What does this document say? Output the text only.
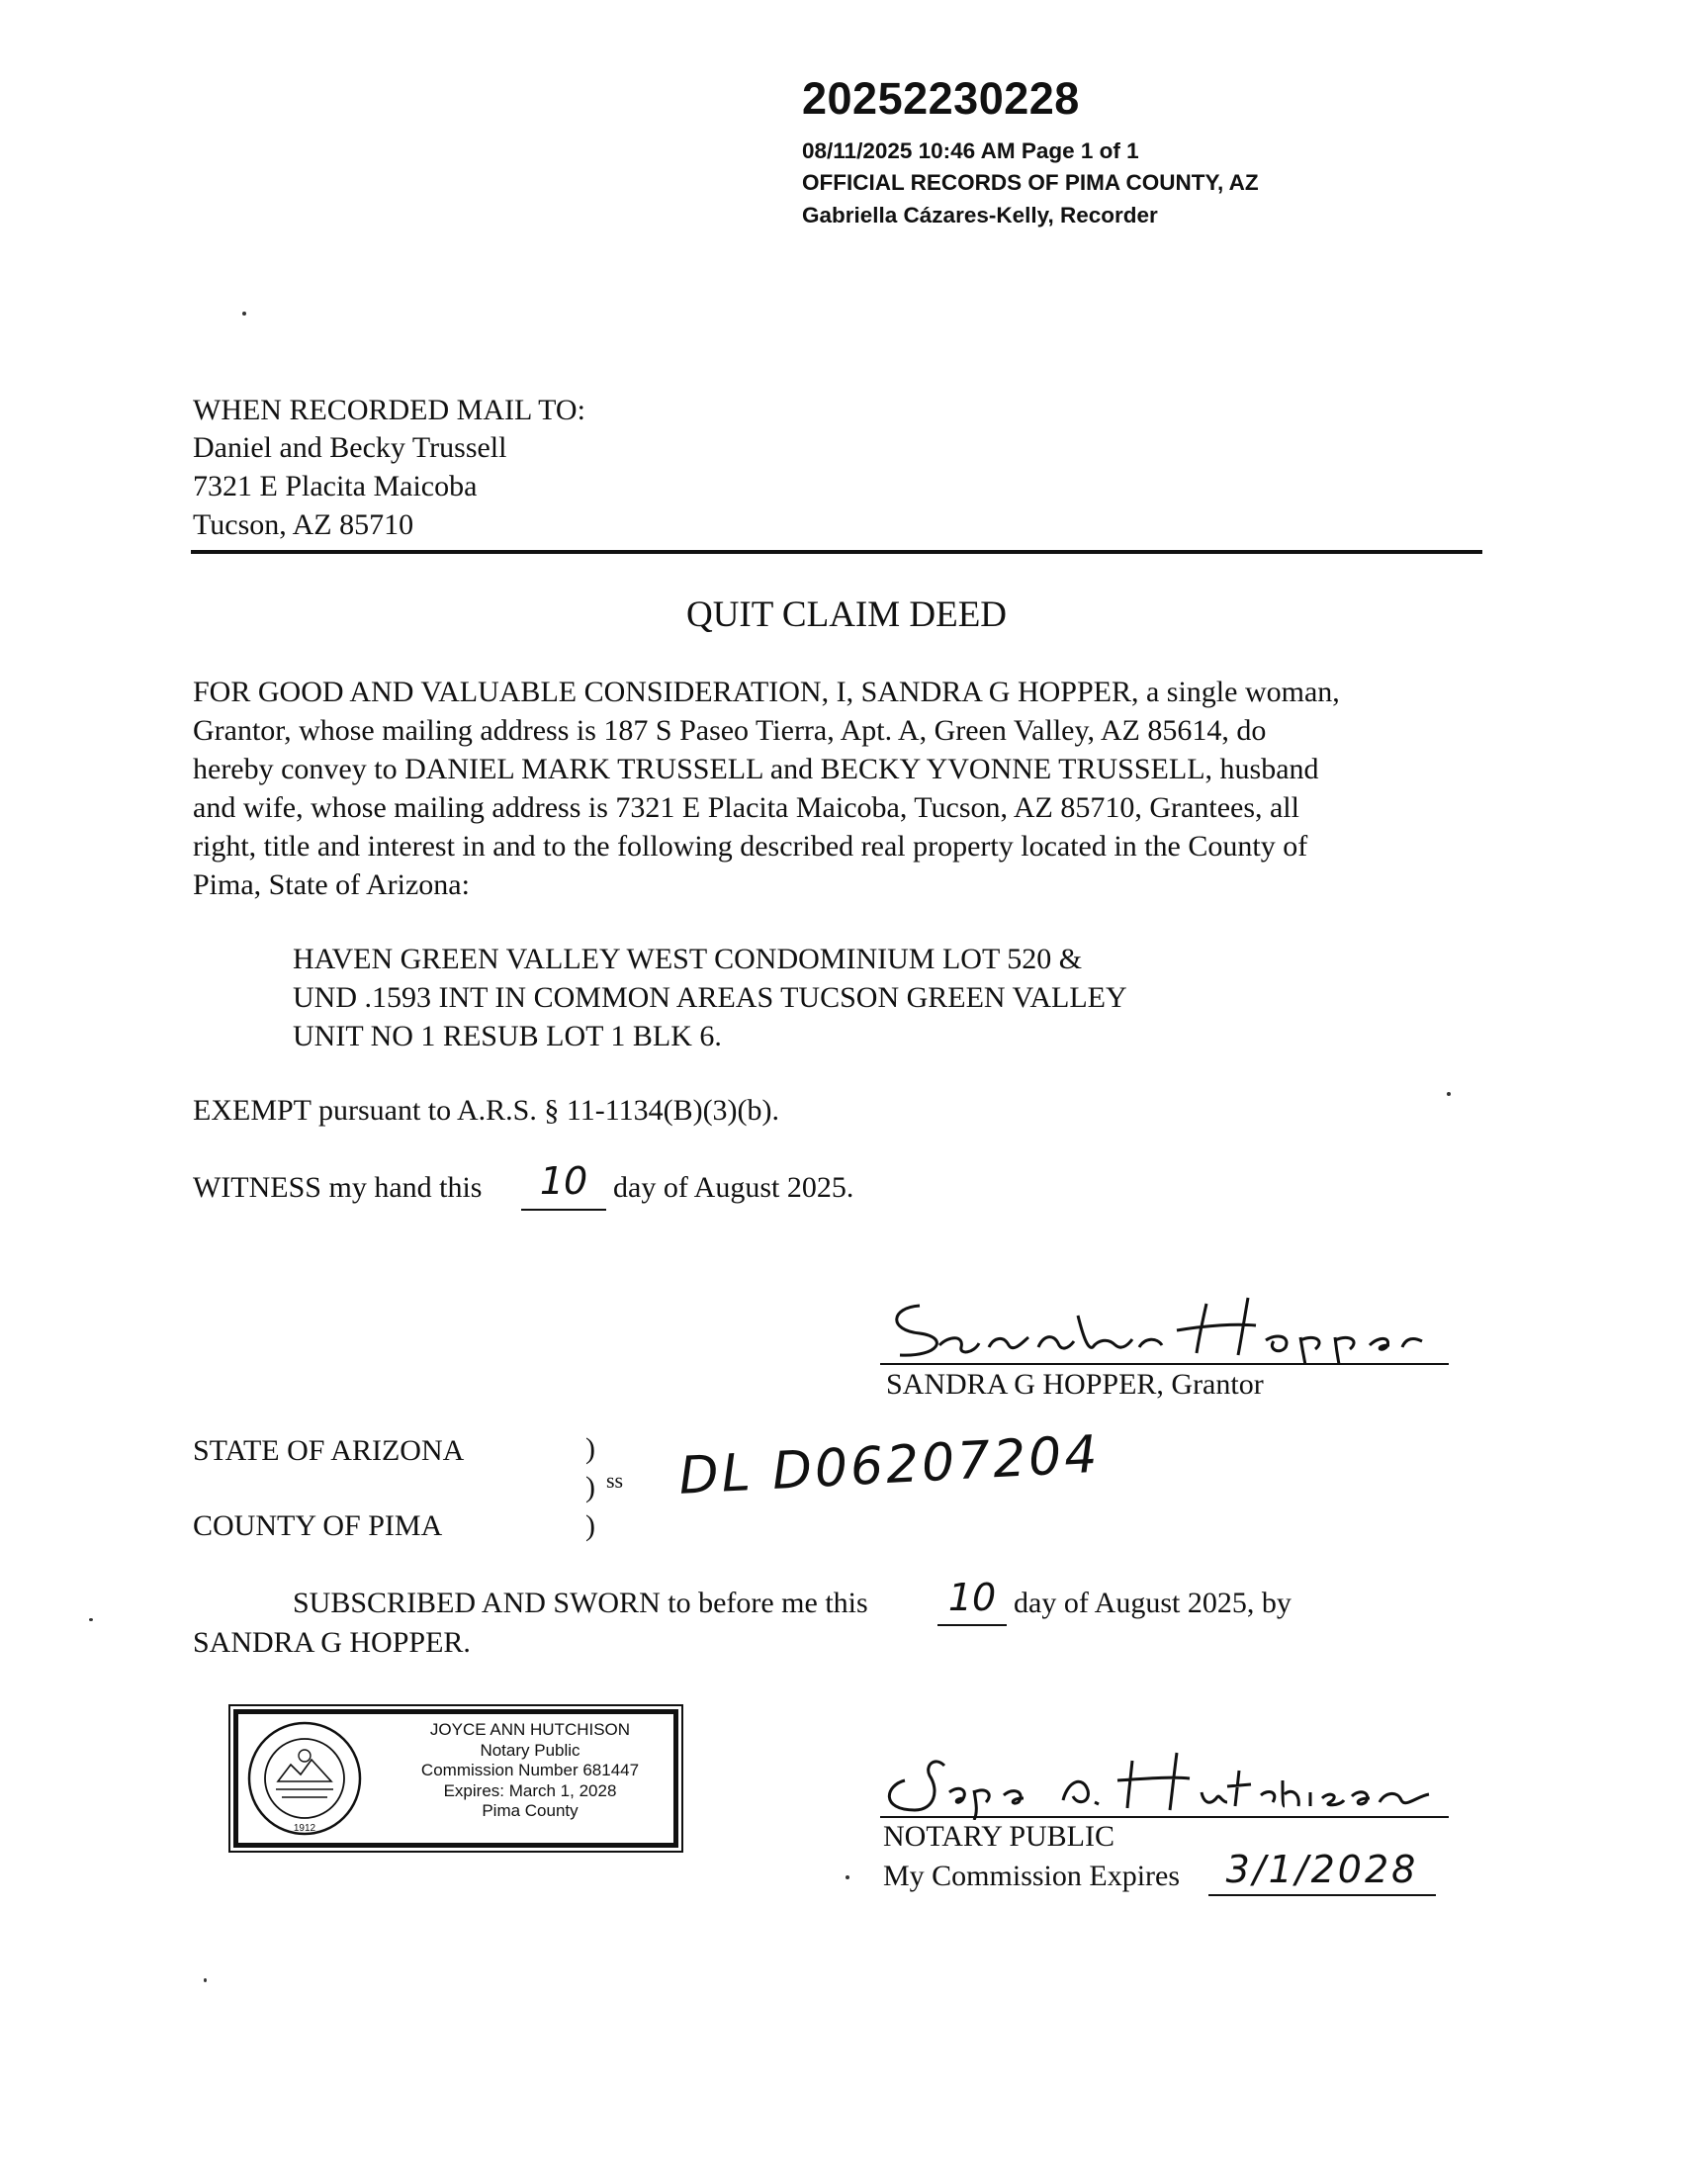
20252230228
08/11/2025 10:46 AM Page 1 of 1
OFFICIAL RECORDS OF PIMA COUNTY, AZ
Gabriella Cázares-Kelly, Recorder
WHEN RECORDED MAIL TO:
Daniel and Becky Trussell
7321 E Placita Maicoba
Tucson, AZ 85710
QUIT CLAIM DEED
FOR GOOD AND VALUABLE CONSIDERATION, I, SANDRA G HOPPER, a single woman,
Grantor, whose mailing address is 187 S Paseo Tierra, Apt. A, Green Valley, AZ 85614, do
hereby convey to DANIEL MARK TRUSSELL and BECKY YVONNE TRUSSELL, husband
and wife, whose mailing address is 7321 E Placita Maicoba, Tucson, AZ 85710, Grantees, all
right, title and interest in and to the following described real property located in the County of
Pima, State of Arizona:
HAVEN GREEN VALLEY WEST CONDOMINIUM LOT 520 &
UND .1593 INT IN COMMON AREAS TUCSON GREEN VALLEY
UNIT NO 1 RESUB LOT 1 BLK 6.
EXEMPT pursuant to A.R.S. § 11-1134(B)(3)(b).
WITNESS my hand this	10 day of August 2025.
SANDRA G HOPPER, Grantor
STATE OF ARIZONA
COUNTY OF PIMA
)
)
)
ss DL D06207204
SUBSCRIBED AND SWORN to before me this 10 day of August 2025, by
SANDRA G HOPPER.
1912
JOYCE ANN HUTCHISON
Notary Public
Commission Number 681447
Expires: March 1, 2028
Pima County
NOTARY PUBLIC
My Commission Expires	3/1/2028
